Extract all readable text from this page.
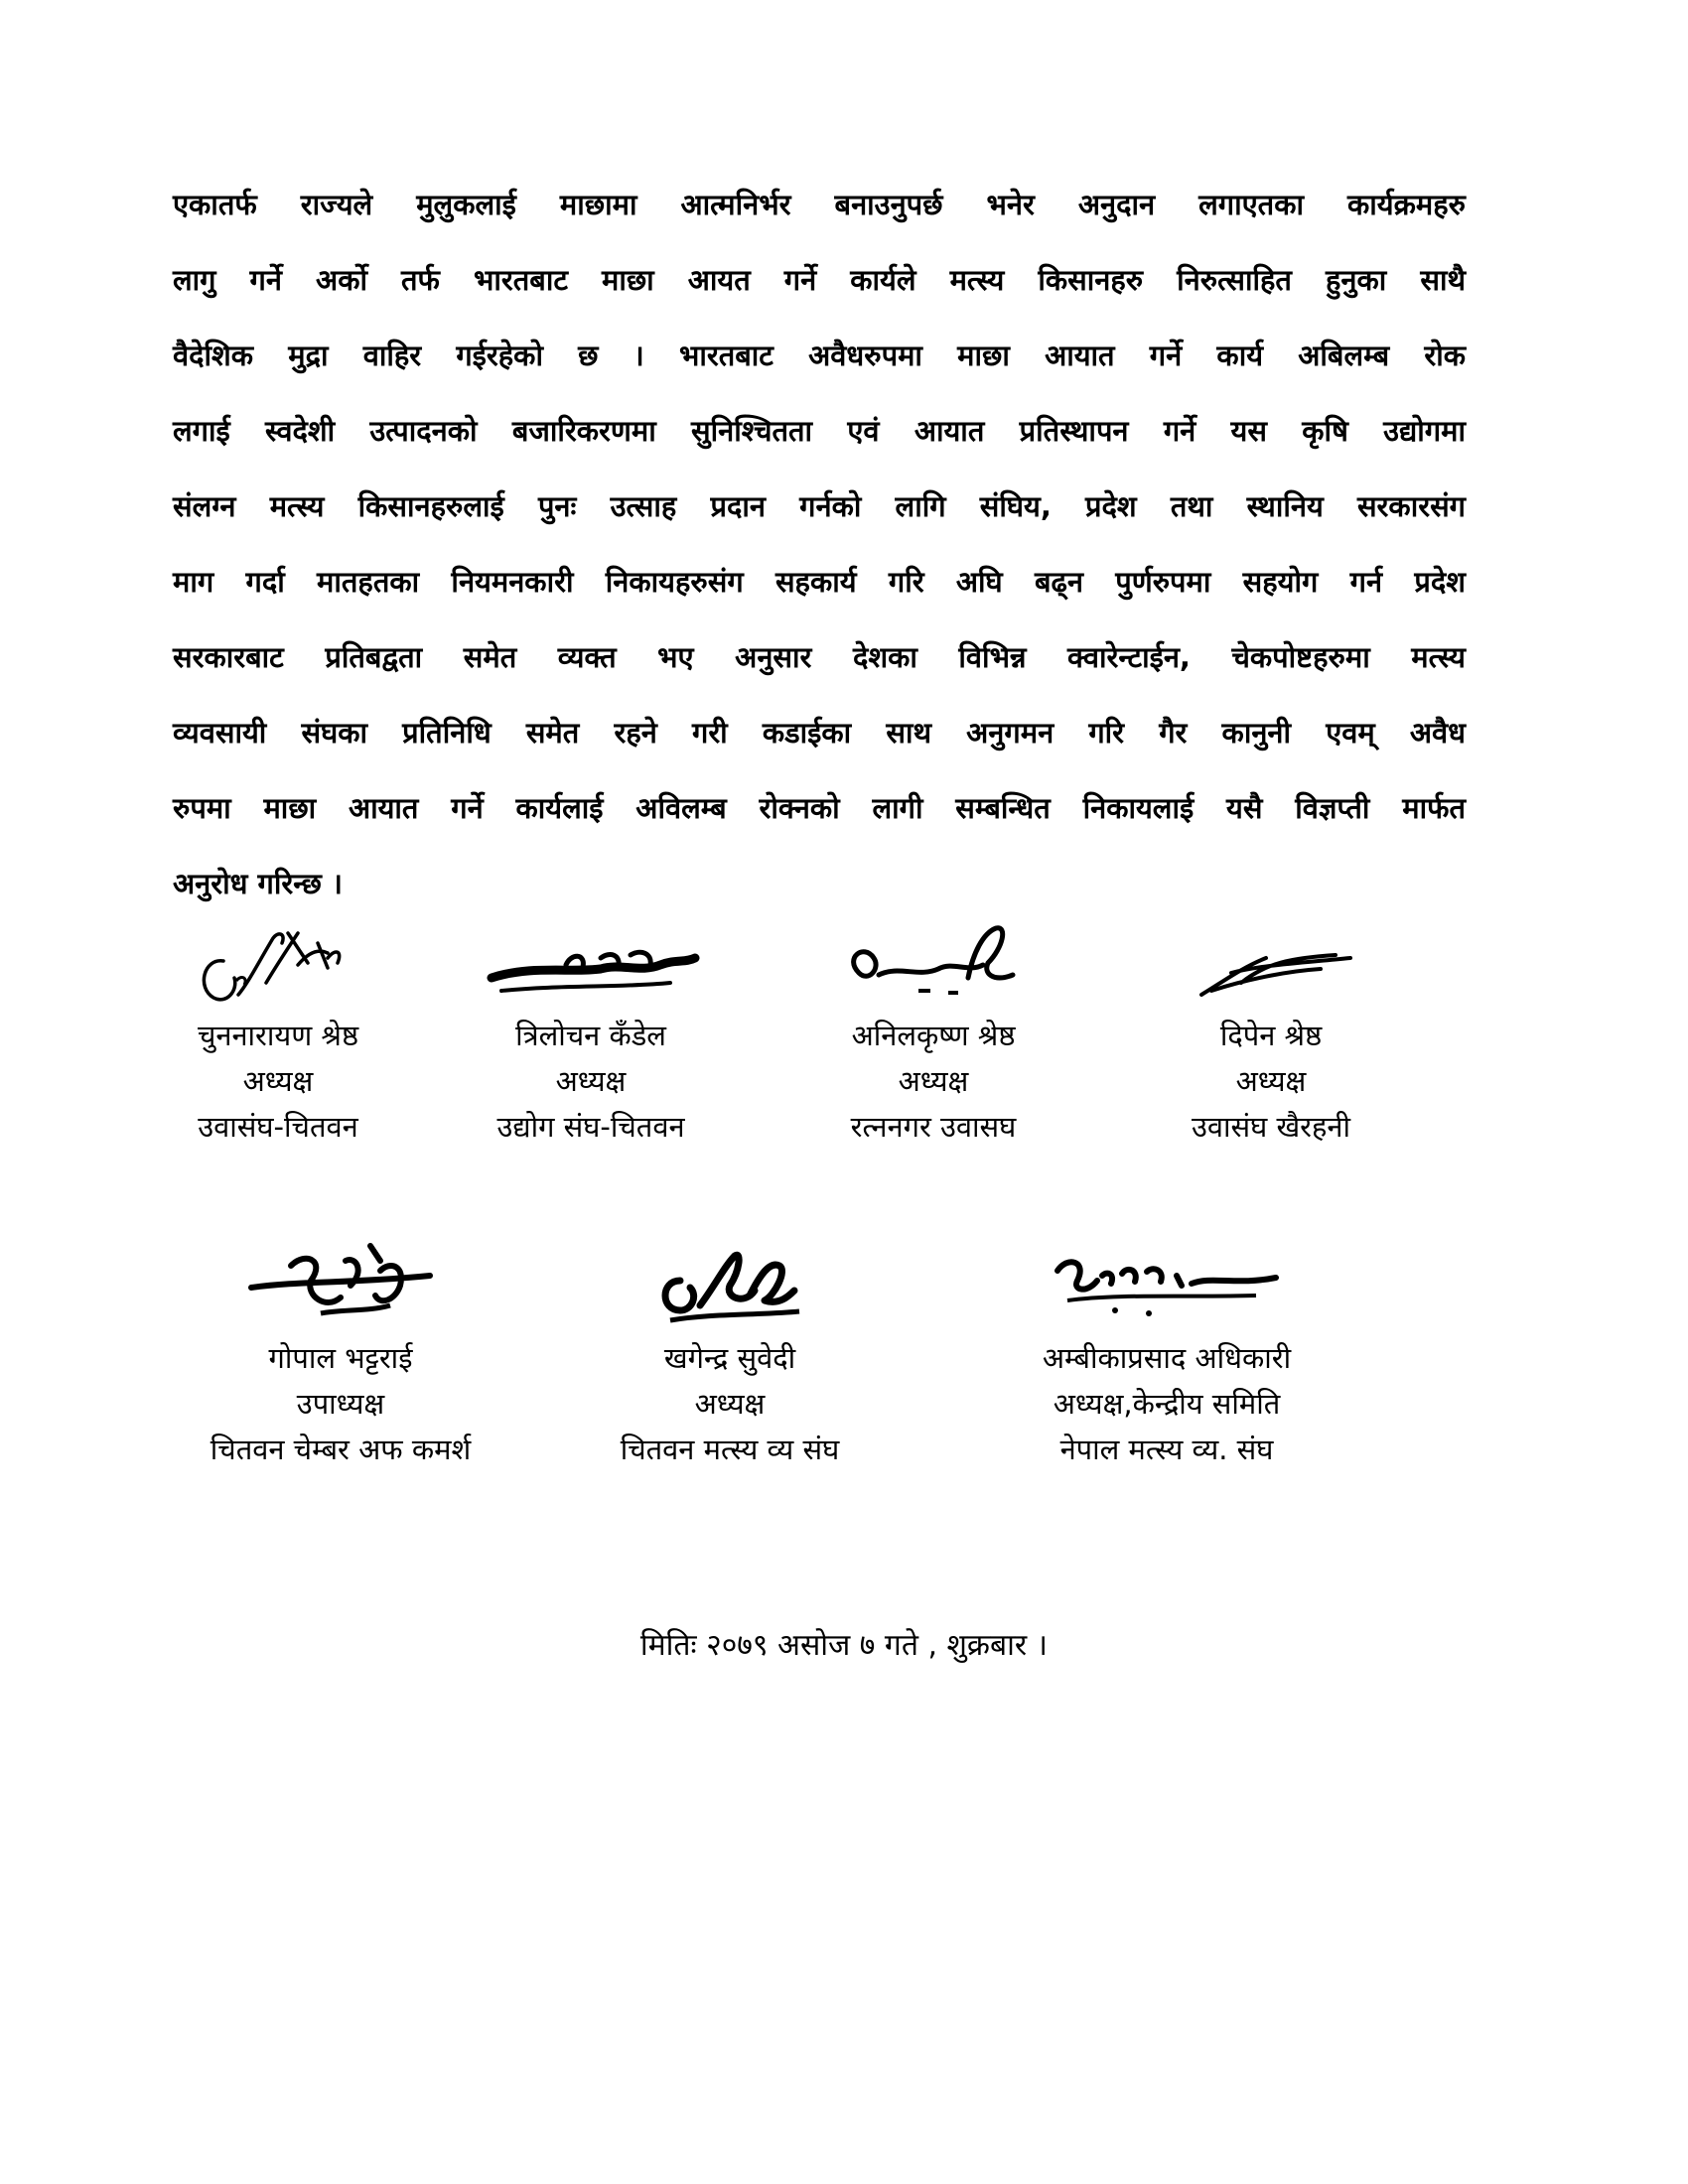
एकातर्फ राज्यले मुलुकलाई माछामा आत्मनिर्भर बनाउनुपर्छ भनेर अनुदान लगाएतका कार्यक्रमहरु
लागु गर्ने अर्को तर्फ भारतबाट माछा आयत गर्ने कार्यले मत्स्य किसानहरु निरुत्साहित हुनुका साथै
वैदेशिक मुद्रा वाहिर गईरहेको छ । भारतबाट अवैधरुपमा माछा आयात गर्ने कार्य अबिलम्ब रोक
लगाई स्वदेशी उत्पादनको बजारिकरणमा सुनिश्चितता एवं आयात प्रतिस्थापन गर्ने यस कृषि उद्योगमा
संलग्न मत्स्य किसानहरुलाई पुनः उत्साह प्रदान गर्नको लागि संघिय, प्रदेश तथा स्थानिय सरकारसंग
माग गर्दा मातहतका नियमनकारी निकायहरुसंग सहकार्य गरि अघि बढ्न पुर्णरुपमा सहयोग गर्न प्रदेश
सरकारबाट प्रतिबद्वता समेत व्यक्त भए अनुसार देशका विभिन्न क्वारेन्टाईन, चेकपोष्टहरुमा मत्स्य
व्यवसायी संघका प्रतिनिधि समेत रहने गरी कडाईका साथ अनुगमन गरि गैर कानुनी एवम् अवैध
रुपमा माछा आयात गर्ने कार्यलाई अविलम्ब रोक्नको लागी सम्बन्धित निकायलाई यसै विज्ञप्ती मार्फत
अनुरोध गरिन्छ ।
चुननारायण श्रेष्ठ
अध्यक्ष
उवासंघ-चितवन
त्रिलोचन कँडेल
अध्यक्ष
उद्योग संघ-चितवन
अनिलकृष्ण श्रेष्ठ
अध्यक्ष
रत्ननगर उवासघ
दिपेन श्रेष्ठ
अध्यक्ष
उवासंघ खैरहनी
गोपाल भट्टराई
उपाध्यक्ष
चितवन चेम्बर अफ कमर्श
खगेन्द्र सुवेदी
अध्यक्ष
चितवन मत्स्य व्य संघ
अम्बीकाप्रसाद अधिकारी
अध्यक्ष,केन्द्रीय समिति
नेपाल मत्स्य व्य. संघ
मितिः २०७९ असोज ७ गते , शुक्रबार ।
